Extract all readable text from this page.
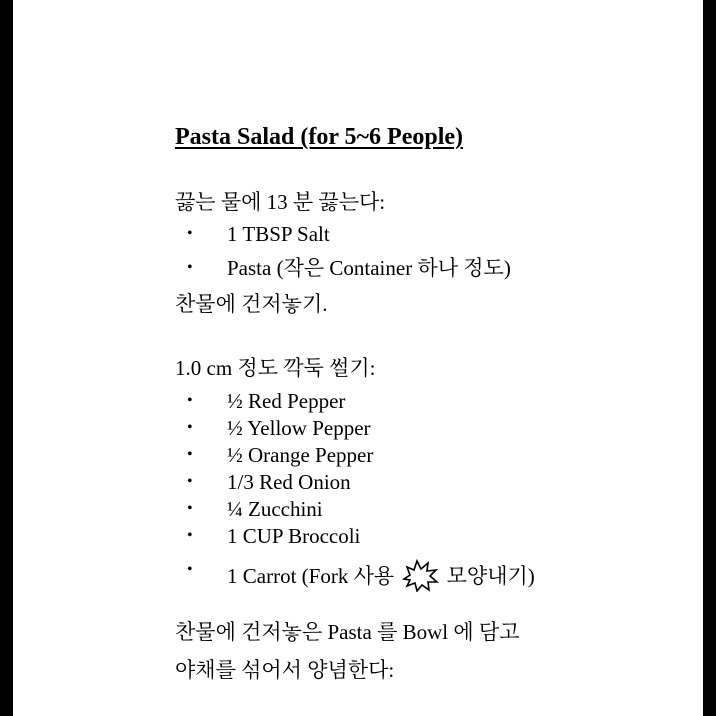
Pasta Salad (for 5~6 People)
끓는 물에 13 분 끓는다:
• 1 TBSP Salt
• Pasta (작은 Container 하나 정도)
찬물에 건저놓기.
1.0 cm 정도 깍둑 썰기:
• ½ Red Pepper
• ½ Yellow Pepper
• ½ Orange Pepper
• 1/3 Red Onion
• ¼ Zucchini
• 1 CUP Broccoli
• 1 Carrot (Fork 사용	모양내기)
찬물에 건저놓은 Pasta 를 Bowl 에 담고
야채를 섞어서 양념한다:
